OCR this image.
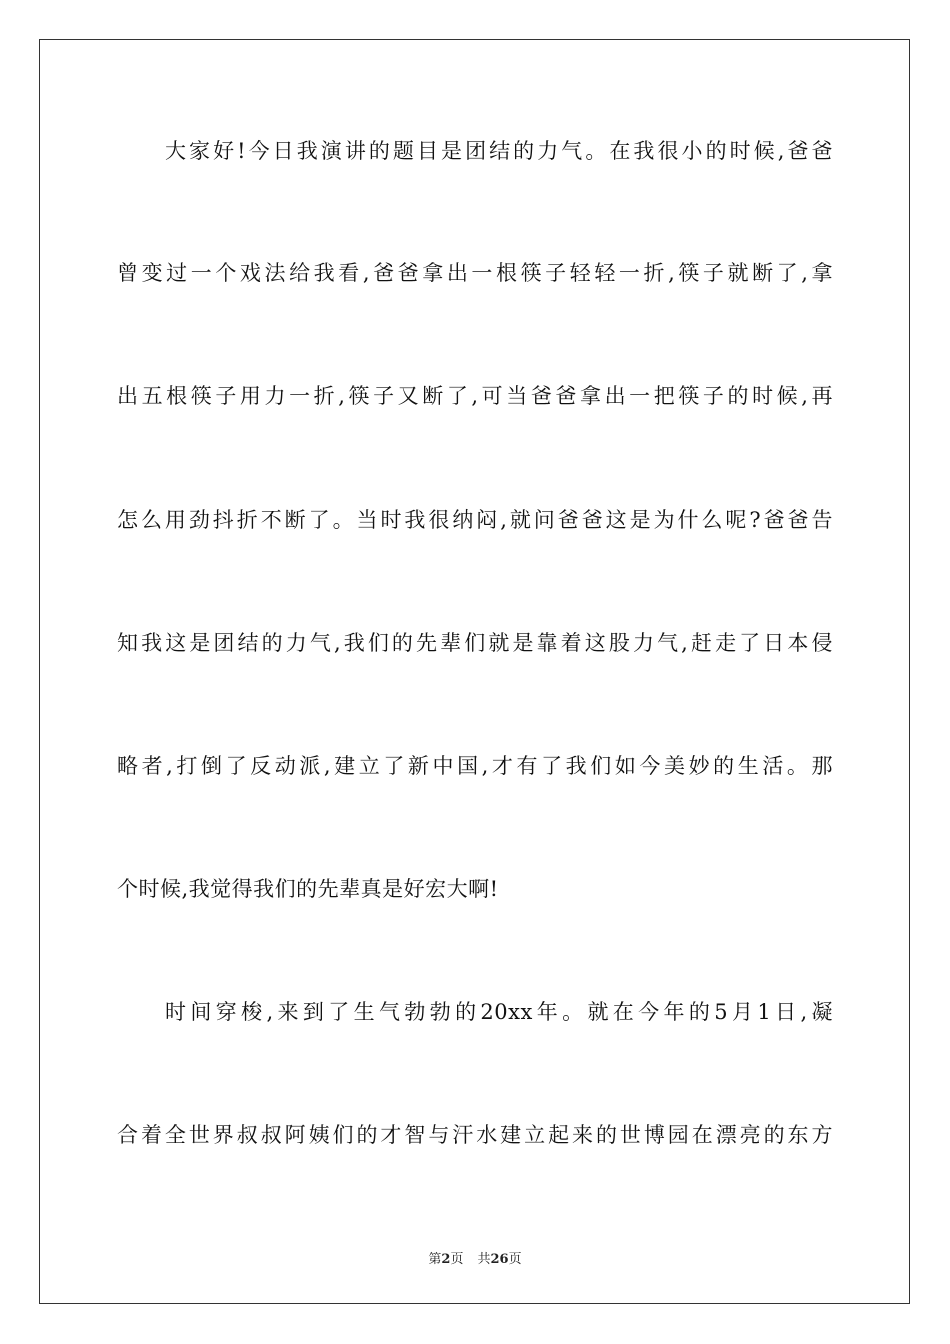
大家好!今日我演讲的题目是团结的力气。在我很小的时候,爸爸
曾变过一个戏法给我看,爸爸拿出一根筷子轻轻一折,筷子就断了,拿
出五根筷子用力一折,筷子又断了,可当爸爸拿出一把筷子的时候,再
怎么用劲抖折不断了。当时我很纳闷,就问爸爸这是为什么呢?爸爸告
知我这是团结的力气,我们的先辈们就是靠着这股力气,赶走了日本侵
略者,打倒了反动派,建立了新中国,才有了我们如今美妙的生活。那
个时候,我觉得我们的先辈真是好宏大啊!
时间穿梭,来到了生气勃勃的20xx年。就在今年的5月1日,凝
合着全世界叔叔阿姨们的才智与汗水建立起来的世博园在漂亮的东方
第2页 共26页
